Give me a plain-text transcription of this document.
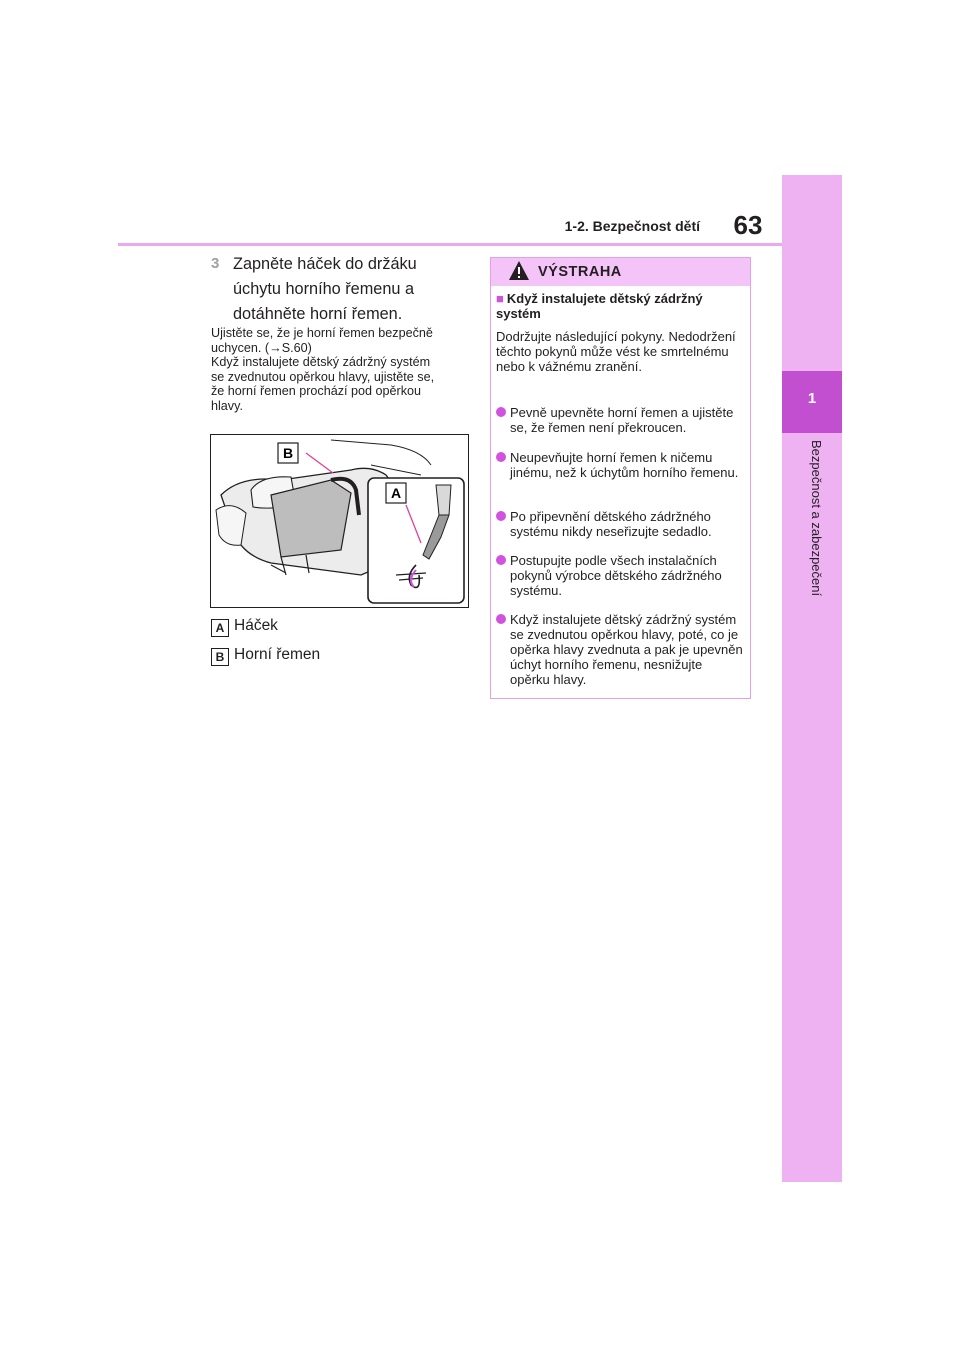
1
Bezpečnost a zabezpečení
1-2. Bezpečnost dětí	63
3 Zapněte háček do držáku úchytu horního řemenu a dotáhněte horní řemen.
Ujistěte se, že je horní řemen bezpečně
uchycen. (→S.60)
Když instalujete dětský zádržný systém
se zvednutou opěrkou hlavy, ujistěte se,
že horní řemen prochází pod opěrkou
hlavy.
B
A
A Háček
B Horní řemen
VÝSTRAHA
■ Když instalujete dětský zádržný systém
Dodržujte následující pokyny. Nedodržení těchto pokynů může vést ke smrtelnému nebo k vážnému zranění.
Pevně upevněte horní řemen a ujistěte se, že řemen není překroucen.
Neupevňujte horní řemen k ničemu jinému, než k úchytům horního řemenu.
Po připevnění dětského zádržného systému nikdy neseřizujte sedadlo.
Postupujte podle všech instalačních pokynů výrobce dětského zádržného systému.
Když instalujete dětský zádržný systém se zvednutou opěrkou hlavy, poté, co je opěrka hlavy zvednuta a pak je upevněn úchyt horního řemenu, nesnižujte opěrku hlavy.
